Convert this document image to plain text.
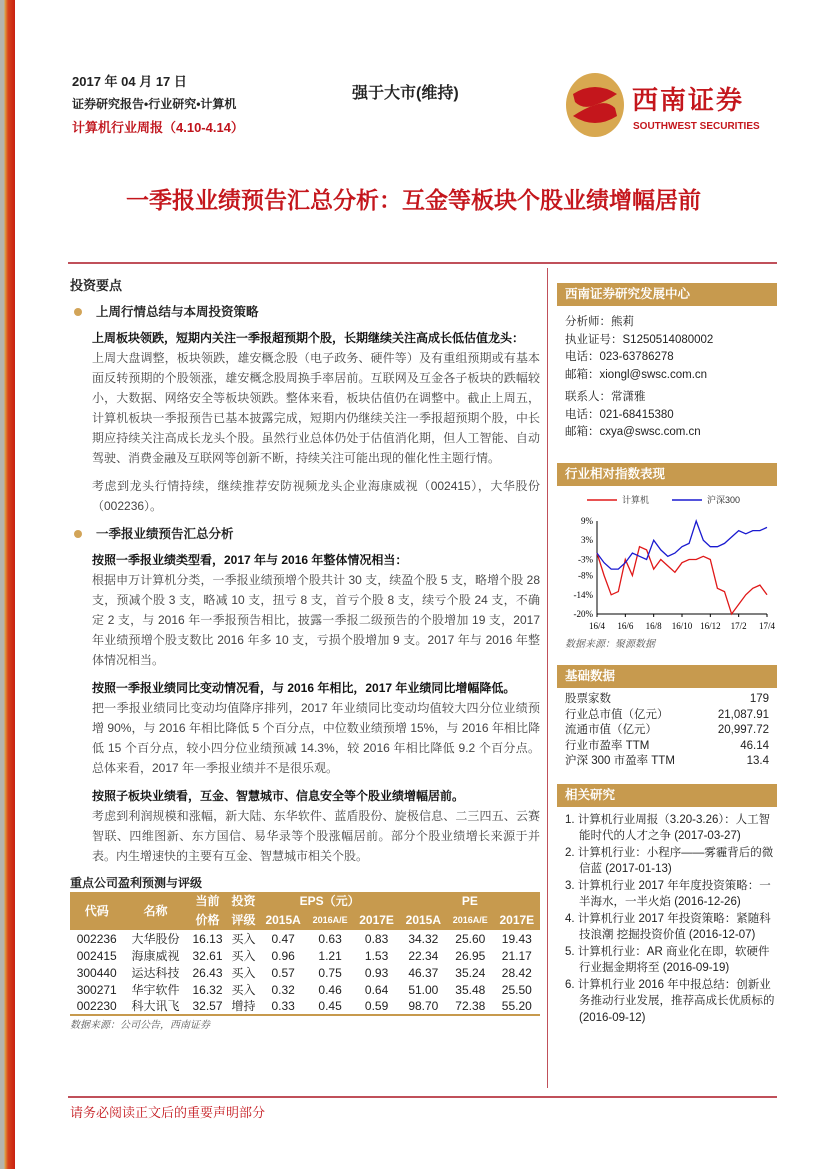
2017 年 04 月 17 日
证券研究报告•行业研究•计算机
计算机行业周报（4.10-4.14）
强于大市(维持)	西南证券
SOUTHWEST SECURITIES
一季报业绩预告汇总分析：互金等板块个股业绩增幅居前
投资要点
上周行情总结与本周投资策略
上周板块领跌，短期内关注一季报超预期个股，长期继续关注高成长低估值龙头：
上周大盘调整，板块领跌，雄安概念股（电子政务、硬件等）及有重组预期或有基本面反转预期的个股领涨，雄安概念股周换手率居前。互联网及互金各子板块的跌幅较小，大数据、网络安全等板块领跌。整体来看，板块估值仍在调整中。截止上周五，计算机板块一季报预告已基本披露完成，短期内仍继续关注一季报超预期个股，中长期应持续关注高成长龙头个股。虽然行业总体仍处于估值消化期，但人工智能、自动驾驶、消费金融及互联网等创新不断，持续关注可能出现的催化性主题行情。
考虑到龙头行情持续，继续推荐安防视频龙头企业海康威视（002415），大华股份（002236）。
一季报业绩预告汇总分析
按照一季报业绩类型看，2017 年与 2016 年整体情况相当：
根据申万计算机分类，一季报业绩预增个股共计 30 支，续盈个股 5 支，略增个股 28 支，预减个股 3 支，略减 10 支，扭亏 8 支，首亏个股 8 支，续亏个股 24 支，不确定 2 支，与 2016 年一季报预告相比，披露一季报二级预告的个股增加 19 支，2017 年业绩预增个股支数比 2016 年多 10 支，亏损个股增加 9 支。2017 年与 2016 年整体情况相当。
按照一季报业绩同比变动情况看，与 2016 年相比，2017 年业绩同比增幅降低。
把一季报业绩同比变动均值降序排列，2017 年业绩同比变动均值较大四分位业绩预增 90%，与 2016 年相比降低 5 个百分点，中位数业绩预增 15%，与 2016 年相比降低 15 个百分点，较小四分位业绩预减 14.3%，较 2016 年相比降低 9.2 个百分点。总体来看，2017 年一季报业绩并不是很乐观。
按照子板块业绩看，互金、智慧城市、信息安全等个股业绩增幅居前。
考虑到利润规模和涨幅，新大陆、东华软件、蓝盾股份、旋极信息、二三四五、云赛智联、四维图新、东方国信、易华录等个股涨幅居前。部分个股业绩增长来源于并表。内生增速快的主要有互金、智慧城市相关个股。
重点公司盈利预测与评级
代码	名称	当前	投资	EPS（元）			PE		
		价格	评级	2015A	2016A/E	2017E	2015A	2016A/E	2017E
002236	大华股份	16.13	买入	0.47	0.63	0.83	34.32	25.60	19.43
002415	海康威视	32.61	买入	0.96	1.21	1.53	22.34	26.95	21.17
300440	运达科技	26.43	买入	0.57	0.75	0.93	46.37	35.24	28.42
300271	华宇软件	16.32	买入	0.32	0.46	0.64	51.00	35.48	25.50
002230	科大讯飞	32.57	增持	0.33	0.45	0.59	98.70	72.38	55.20
数据来源：公司公告，西南证券
西南证券研究发展中心
分析师：熊莉
执业证号：S1250514080002
电话：023-63786278
邮箱：xiongl@swsc.com.cn
联系人：常潇雅
电话：021-68415380
邮箱：cxya@swsc.com.cn
行业相对指数表现
9%
3%
-3%
-8%
-14%
-20%
16/4 16/6 16/8 16/10 16/12 17/2 17/4
计算机	沪深300
数据来源：聚源数据
基础数据
股票家数	179
行业总市值（亿元）	21,087.91
流通市值（亿元）	20,997.72
行业市盈率 TTM	46.14
沪深 300 市盈率 TTM	13.4
相关研究
1. 计算机行业周报（3.20-3.26）：人工智能时代的人才之争 (2017-03-27)
2. 计算机行业：小程序——雾霾背后的微信蓝 (2017-01-13)
3. 计算机行业 2017 年年度投资策略：一半海水，一半火焰 (2016-12-26)
4. 计算机行业 2017 年投资策略：紧随科技浪潮 挖掘投资价值 (2016-12-07)
5. 计算机行业：AR 商业化在即，软硬件行业掘金期将至 (2016-09-19)
6. 计算机行业 2016 年中报总结：创新业务推动行业发展，推荐高成长优质标的 (2016-09-12)
请务必阅读正文后的重要声明部分
